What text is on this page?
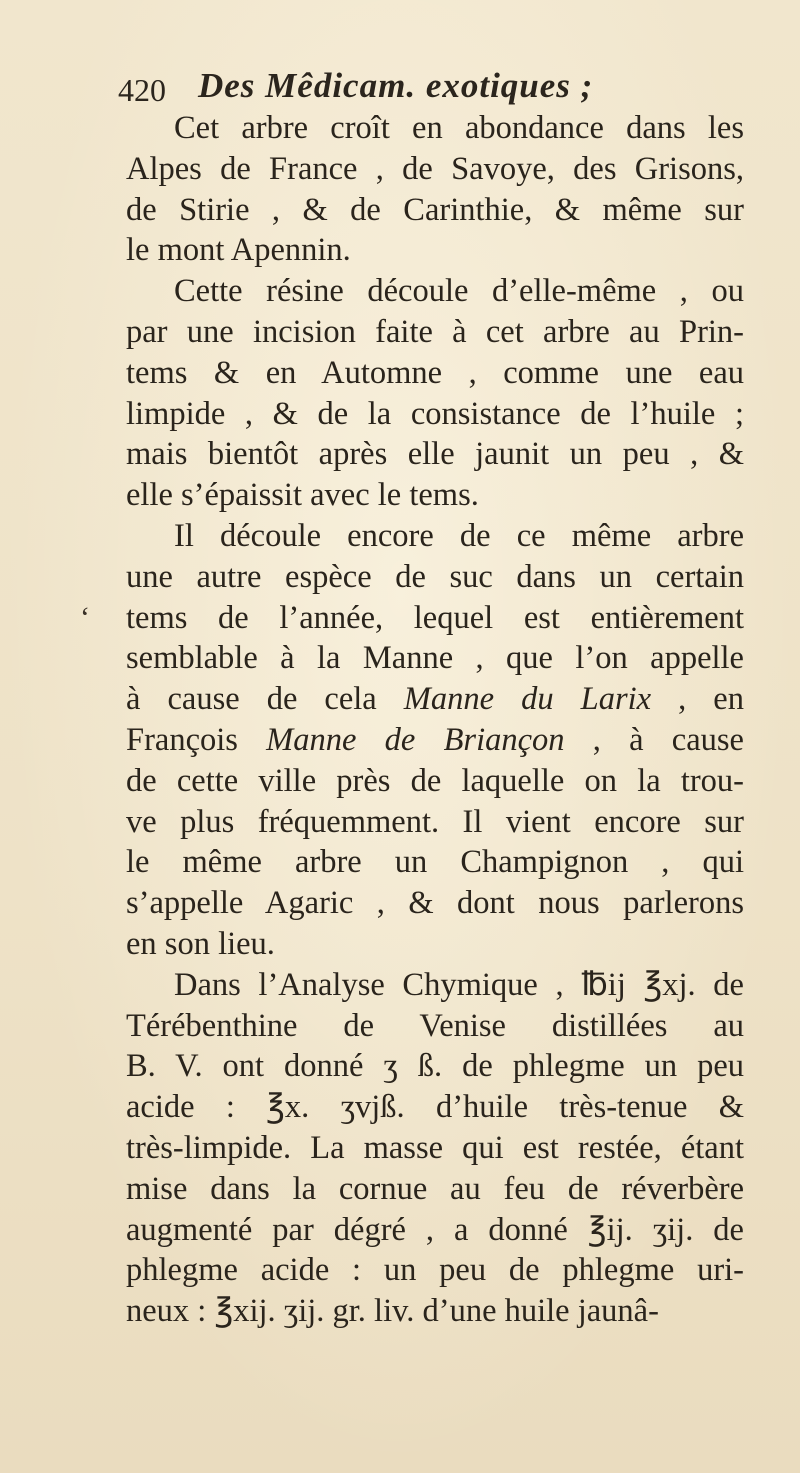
420 Des Mêdicam. exotiques ;
ʻ
Cet arbre croît en abondance dans les
Alpes de France , de Savoye, des Grisons,
de Stirie , & de Carinthie, & même sur
le mont Apennin.
Cette résine découle d’elle-même , ou
par une incision faite à cet arbre au Prin-
tems & en Automne , comme une eau
limpide , & de la consistance de l’huile ;
mais bientôt après elle jaunit un peu , &
elle s’épaissit avec le tems.
Il découle encore de ce même arbre
une autre espèce de suc dans un certain
tems de l’année, lequel est entièrement
semblable à la Manne , que l’on appelle
à cause de cela Manne du Larix , en
François Manne de Briançon , à cause
de cette ville près de laquelle on la trou-
ve plus fréquemment. Il vient encore sur
le même arbre un Champignon , qui
s’appelle Agaric , & dont nous parlerons
en son lieu.
Dans l’Analyse Chymique , ℔ij ℥xj. de
Térébenthine de Venise distillées au
B. V. ont donné ʒ ß. de phlegme un peu
acide : ℥x. ʒvjß. d’huile très-tenue &
très-limpide. La masse qui est restée, étant
mise dans la cornue au feu de réverbère
augmenté par dégré , a donné ℥ij. ʒij. de
phlegme acide : un peu de phlegme uri-
neux : ℥xij. ʒij. gr. liv. d’une huile jaunâ-
